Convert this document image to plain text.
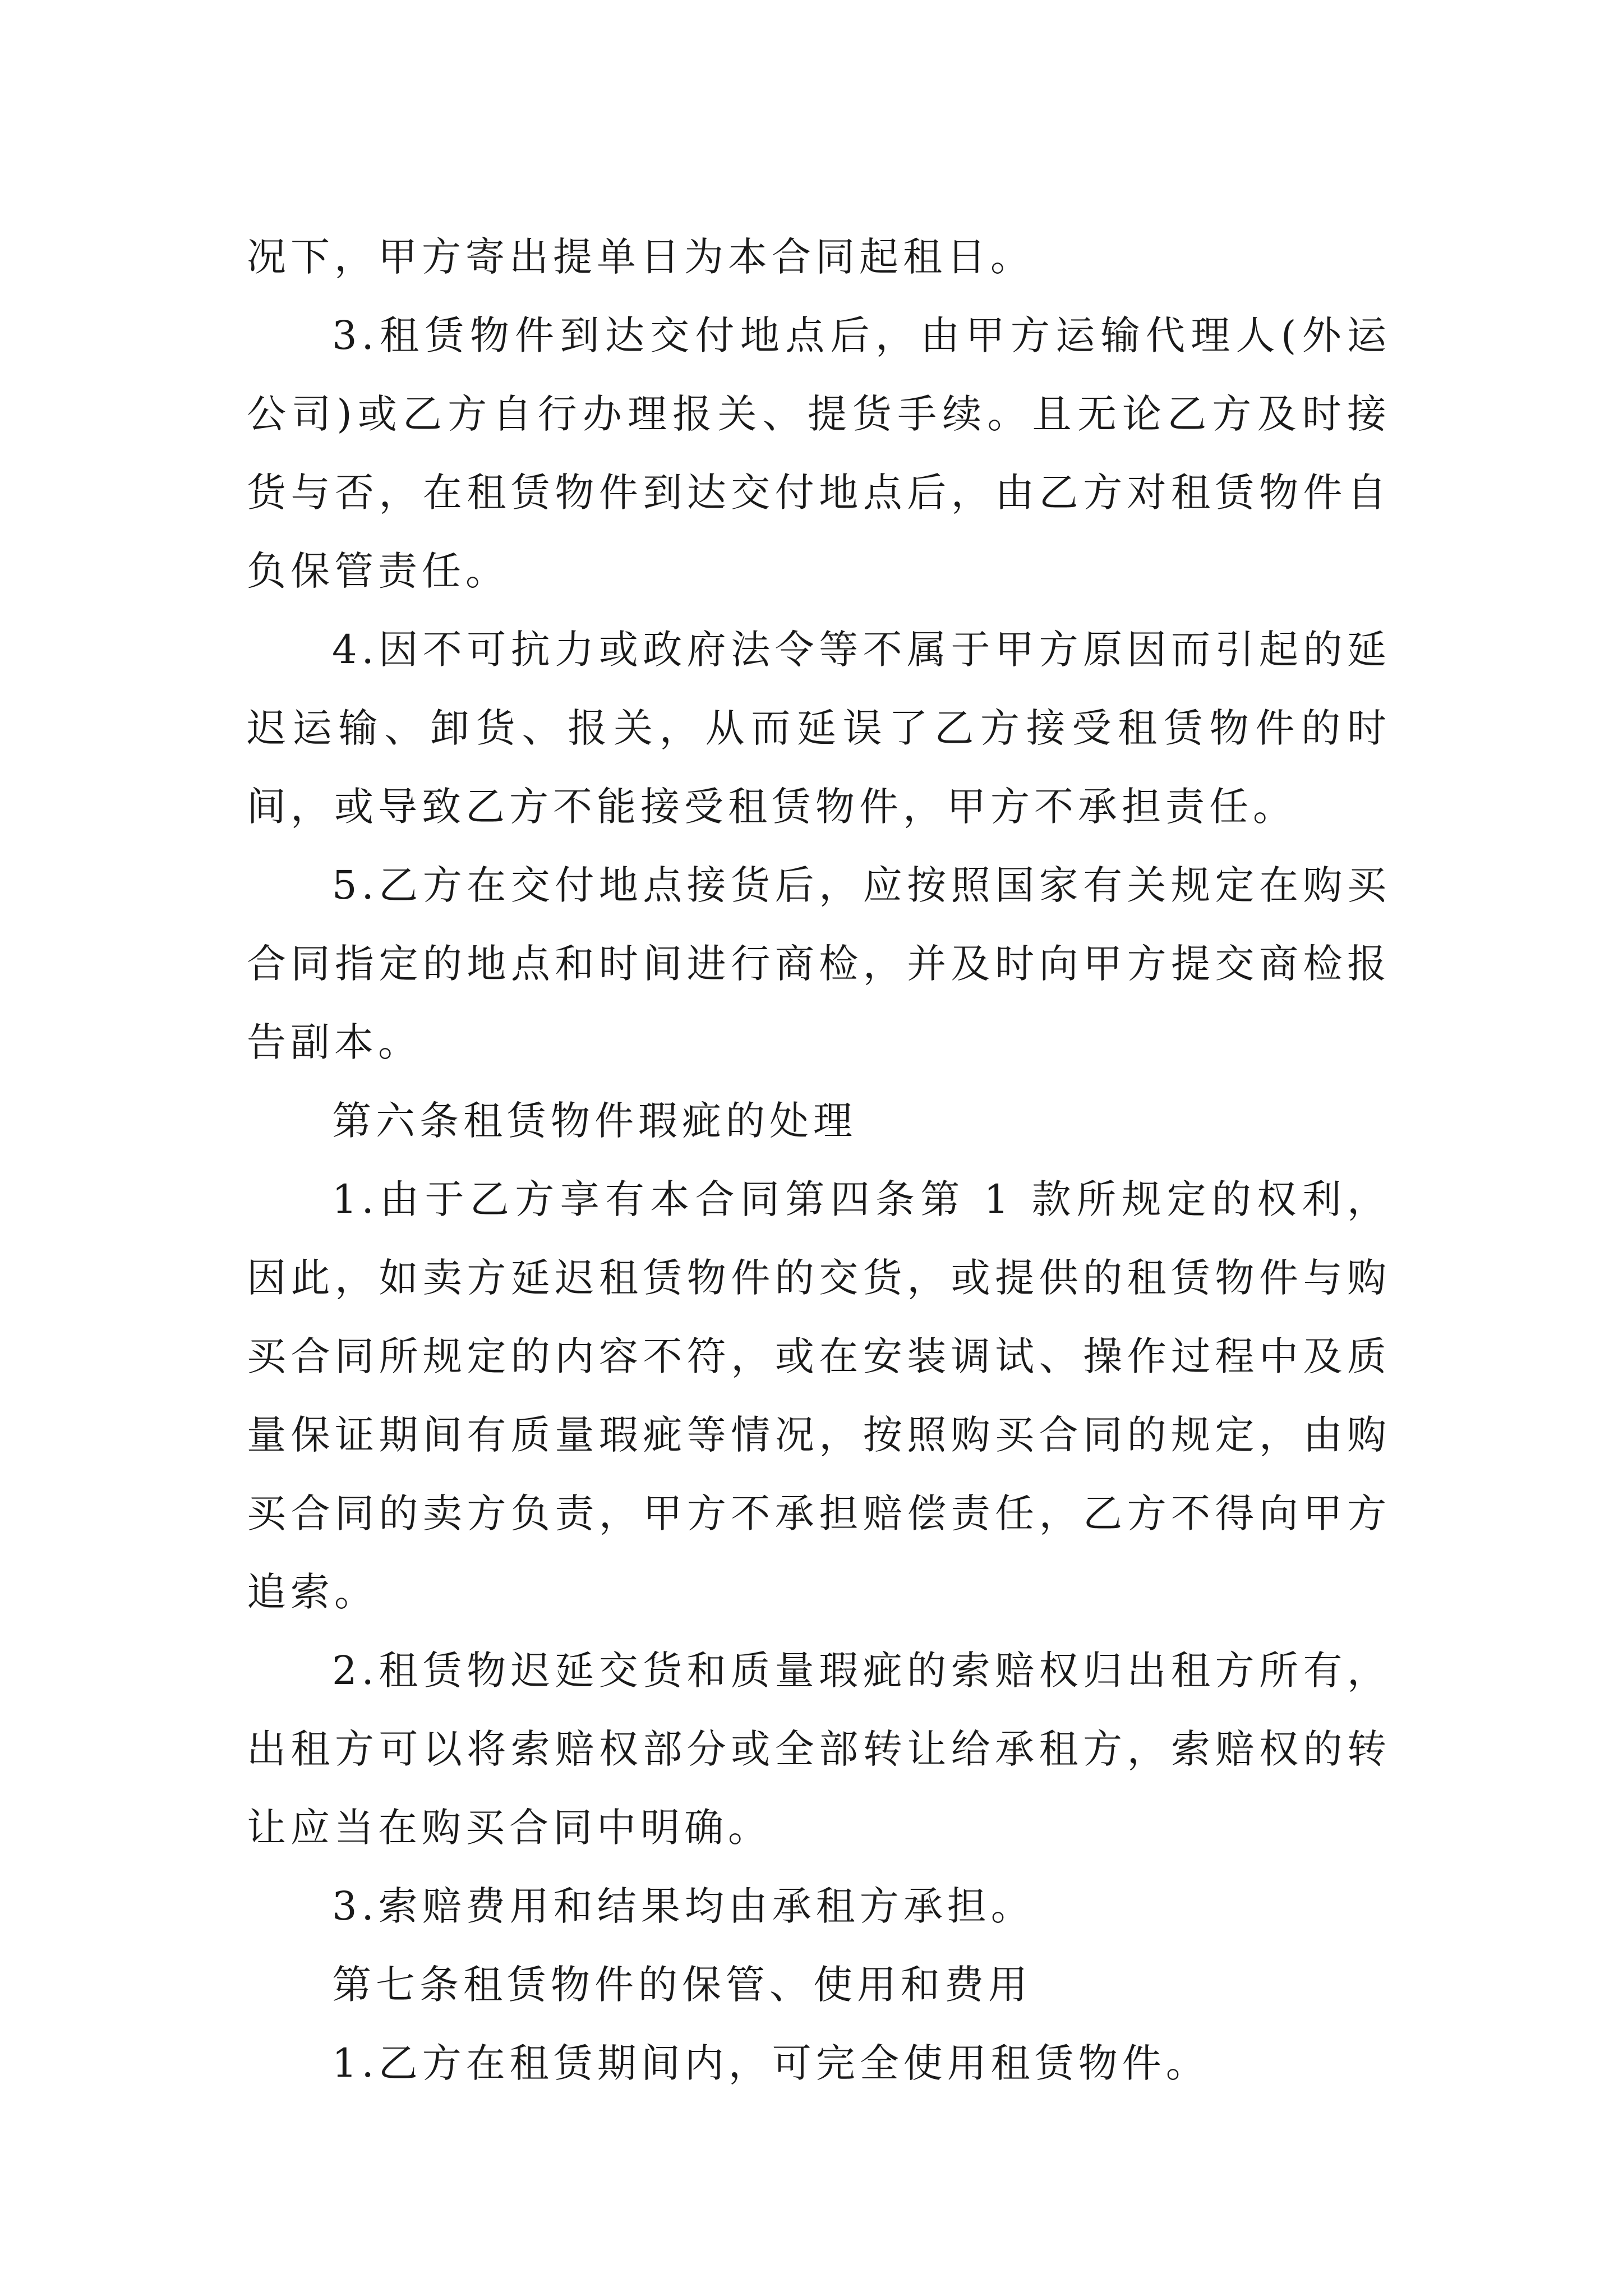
况下，甲方寄出提单日为本合同起租日。

3.租赁物件到达交付地点后，由甲方运输代理人(外运公司)或乙方自行办理报关、提货手续。且无论乙方及时接货与否，在租赁物件到达交付地点后，由乙方对租赁物件自负保管责任。

4.因不可抗力或政府法令等不属于甲方原因而引起的延迟运输、卸货、报关，从而延误了乙方接受租赁物件的时间，或导致乙方不能接受租赁物件，甲方不承担责任。

5.乙方在交付地点接货后，应按照国家有关规定在购买合同指定的地点和时间进行商检，并及时向甲方提交商检报告副本。

第六条租赁物件瑕疵的处理

1.由于乙方享有本合同第四条第 1 款所规定的权利，因此，如卖方延迟租赁物件的交货，或提供的租赁物件与购买合同所规定的内容不符，或在安装调试、操作过程中及质量保证期间有质量瑕疵等情况，按照购买合同的规定，由购买合同的卖方负责，甲方不承担赔偿责任，乙方不得向甲方追索。

2.租赁物迟延交货和质量瑕疵的索赔权归出租方所有，出租方可以将索赔权部分或全部转让给承租方，索赔权的转让应当在购买合同中明确。

3.索赔费用和结果均由承租方承担。

第七条租赁物件的保管、使用和费用

1.乙方在租赁期间内，可完全使用租赁物件。
